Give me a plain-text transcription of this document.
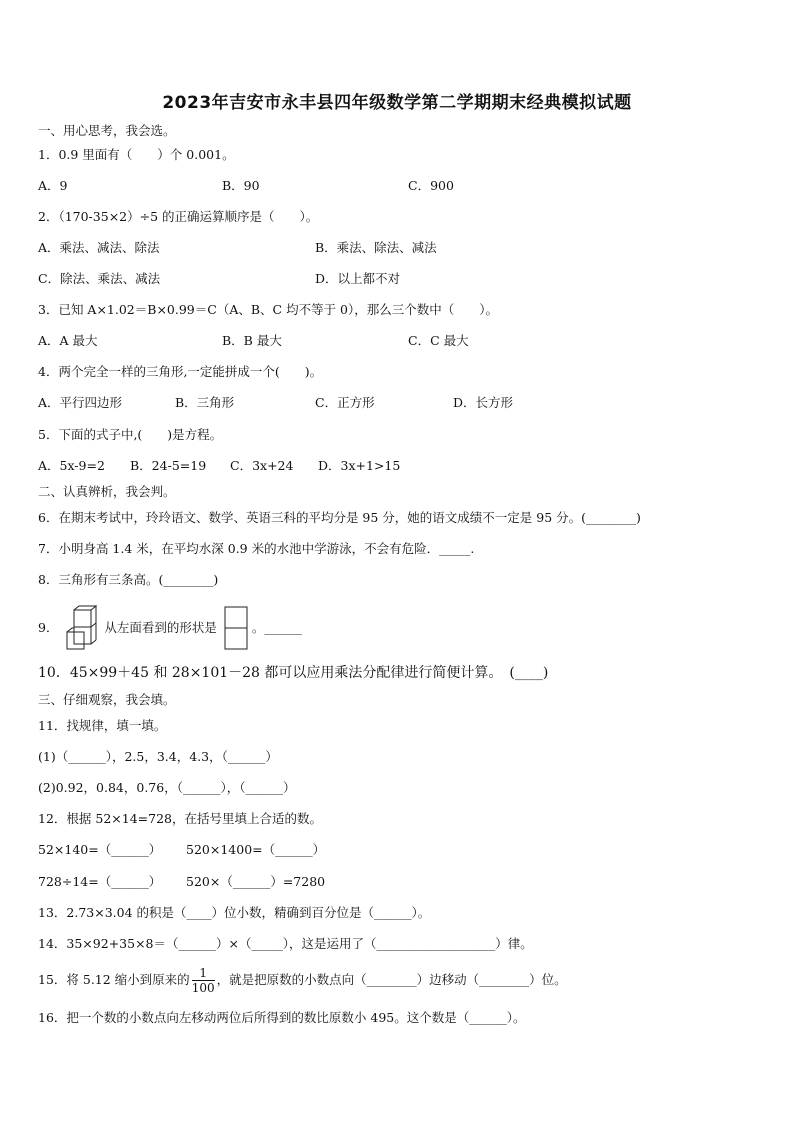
2023年吉安市永丰县四年级数学第二学期期末经典模拟试题
一、用心思考，我会选。
1．0.9 里面有（　　）个 0.001。
A．9	B．90	C．900
2．（170-35×2）÷5 的正确运算顺序是（　　）。
A．乘法、减法、除法	B．乘法、除法、减法
C．除法、乘法、减法	D．以上都不对
3．已知 A×1.02＝B×0.99＝C（A、B、C 均不等于 0），那么三个数中（　　）。
A．A 最大	B．B 最大	C．C 最大
4．两个完全一样的三角形,一定能拼成一个(　　)。
A．平行四边形	B．三角形	C．正方形	D．长方形
5．下面的式子中,(　　)是方程。
A．5x-9=2 B．24-5=19 C．3x+24 D．3x+1>15
二、认真辨析，我会判。
6．在期末考试中，玲玲语文、数学、英语三科的平均分是 95 分，她的语文成绩不一定是 95 分。(________)
7．小明身高 1.4 米，在平均水深 0.9 米的水池中学游泳，不会有危险．_____.
8．三角形有三条高。(________)
9．	从左面看到的形状是	。______
10．45×99＋45 和 28×101－28 都可以应用乘法分配律进行简便计算。　(____)
三、仔细观察，我会填。
11．找规律，填一填。
(1)（______），2.5，3.4，4.3，（______）
(2)0.92，0.84，0.76，（______），（______）
12．根据 52×14=728，在括号里填上合适的数。
52×140=（______） 520×1400=（______）
728÷14=（______） 520×（______）=7280
13．2.73×3.04 的积是（____）位小数，精确到百分位是（______）。
14．35×92+35×8＝（______）×（_____），这是运用了（___________________）律。
15．将 5.12 缩小到原来的 $\frac{1}{100}$ ，就是把原数的小数点向（________）边移动（________）位。
16．把一个数的小数点向左移动两位后所得到的数比原数小 495。这个数是（______）。
